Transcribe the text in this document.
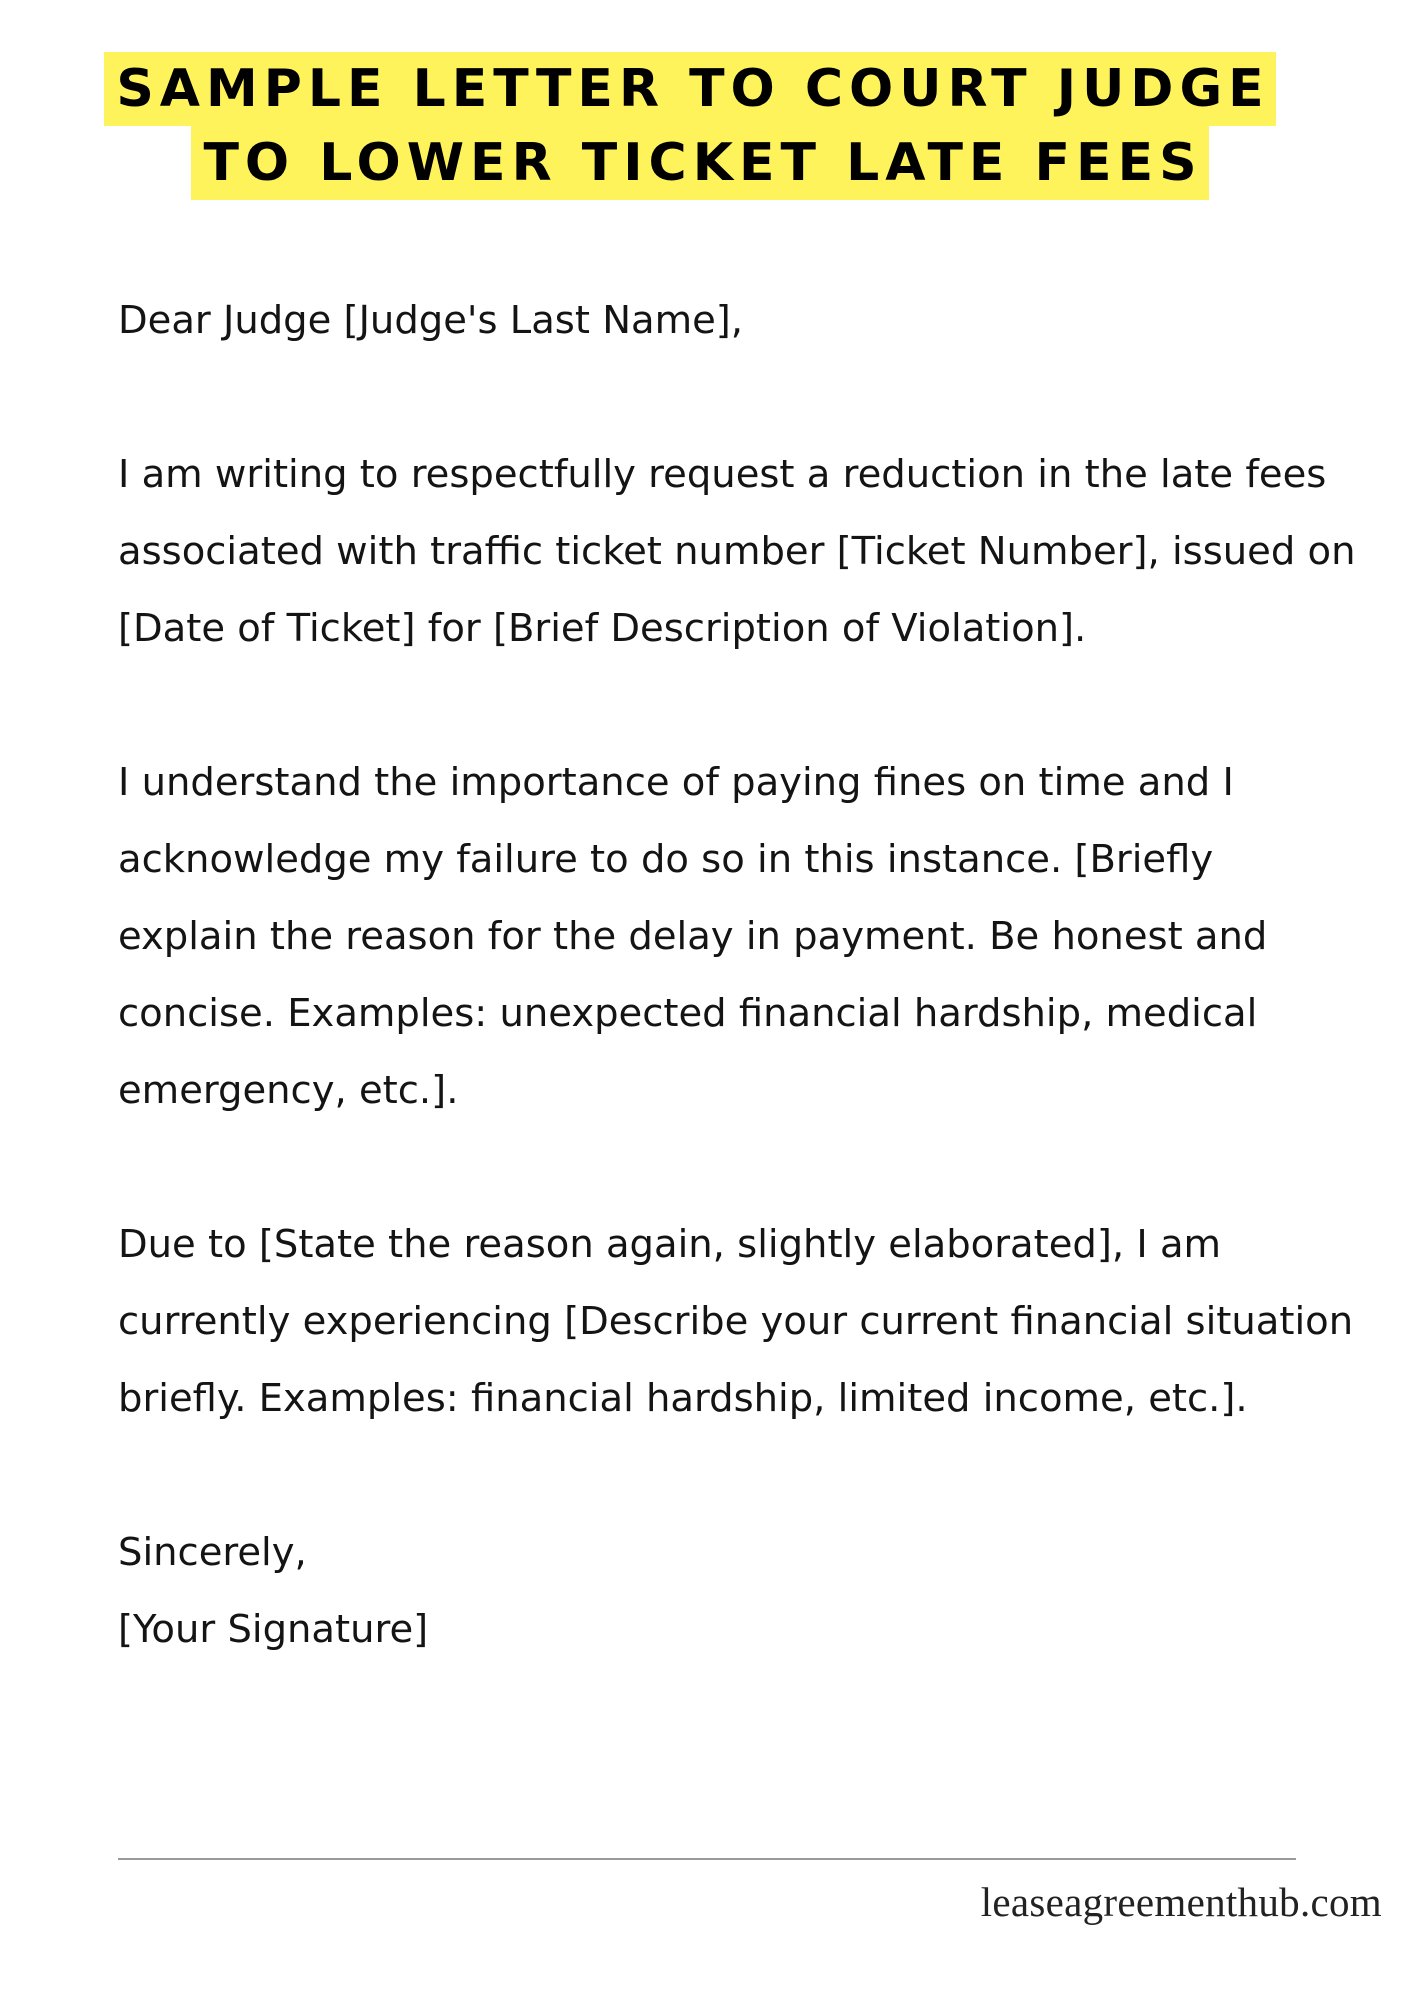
SAMPLE LETTER TO COURT JUDGE
TO LOWER TICKET LATE FEES

Dear Judge [Judge's Last Name],

I am writing to respectfully request a reduction in the late fees associated with traffic ticket number [Ticket Number], issued on [Date of Ticket] for [Brief Description of Violation].

I understand the importance of paying fines on time and I acknowledge my failure to do so in this instance. [Briefly explain the reason for the delay in payment. Be honest and concise. Examples: unexpected financial hardship, medical emergency, etc.].

Due to [State the reason again, slightly elaborated], I am currently experiencing [Describe your current financial situation briefly. Examples: financial hardship, limited income, etc.].

Sincerely,

[Your Signature]

leaseagreementhub.com
